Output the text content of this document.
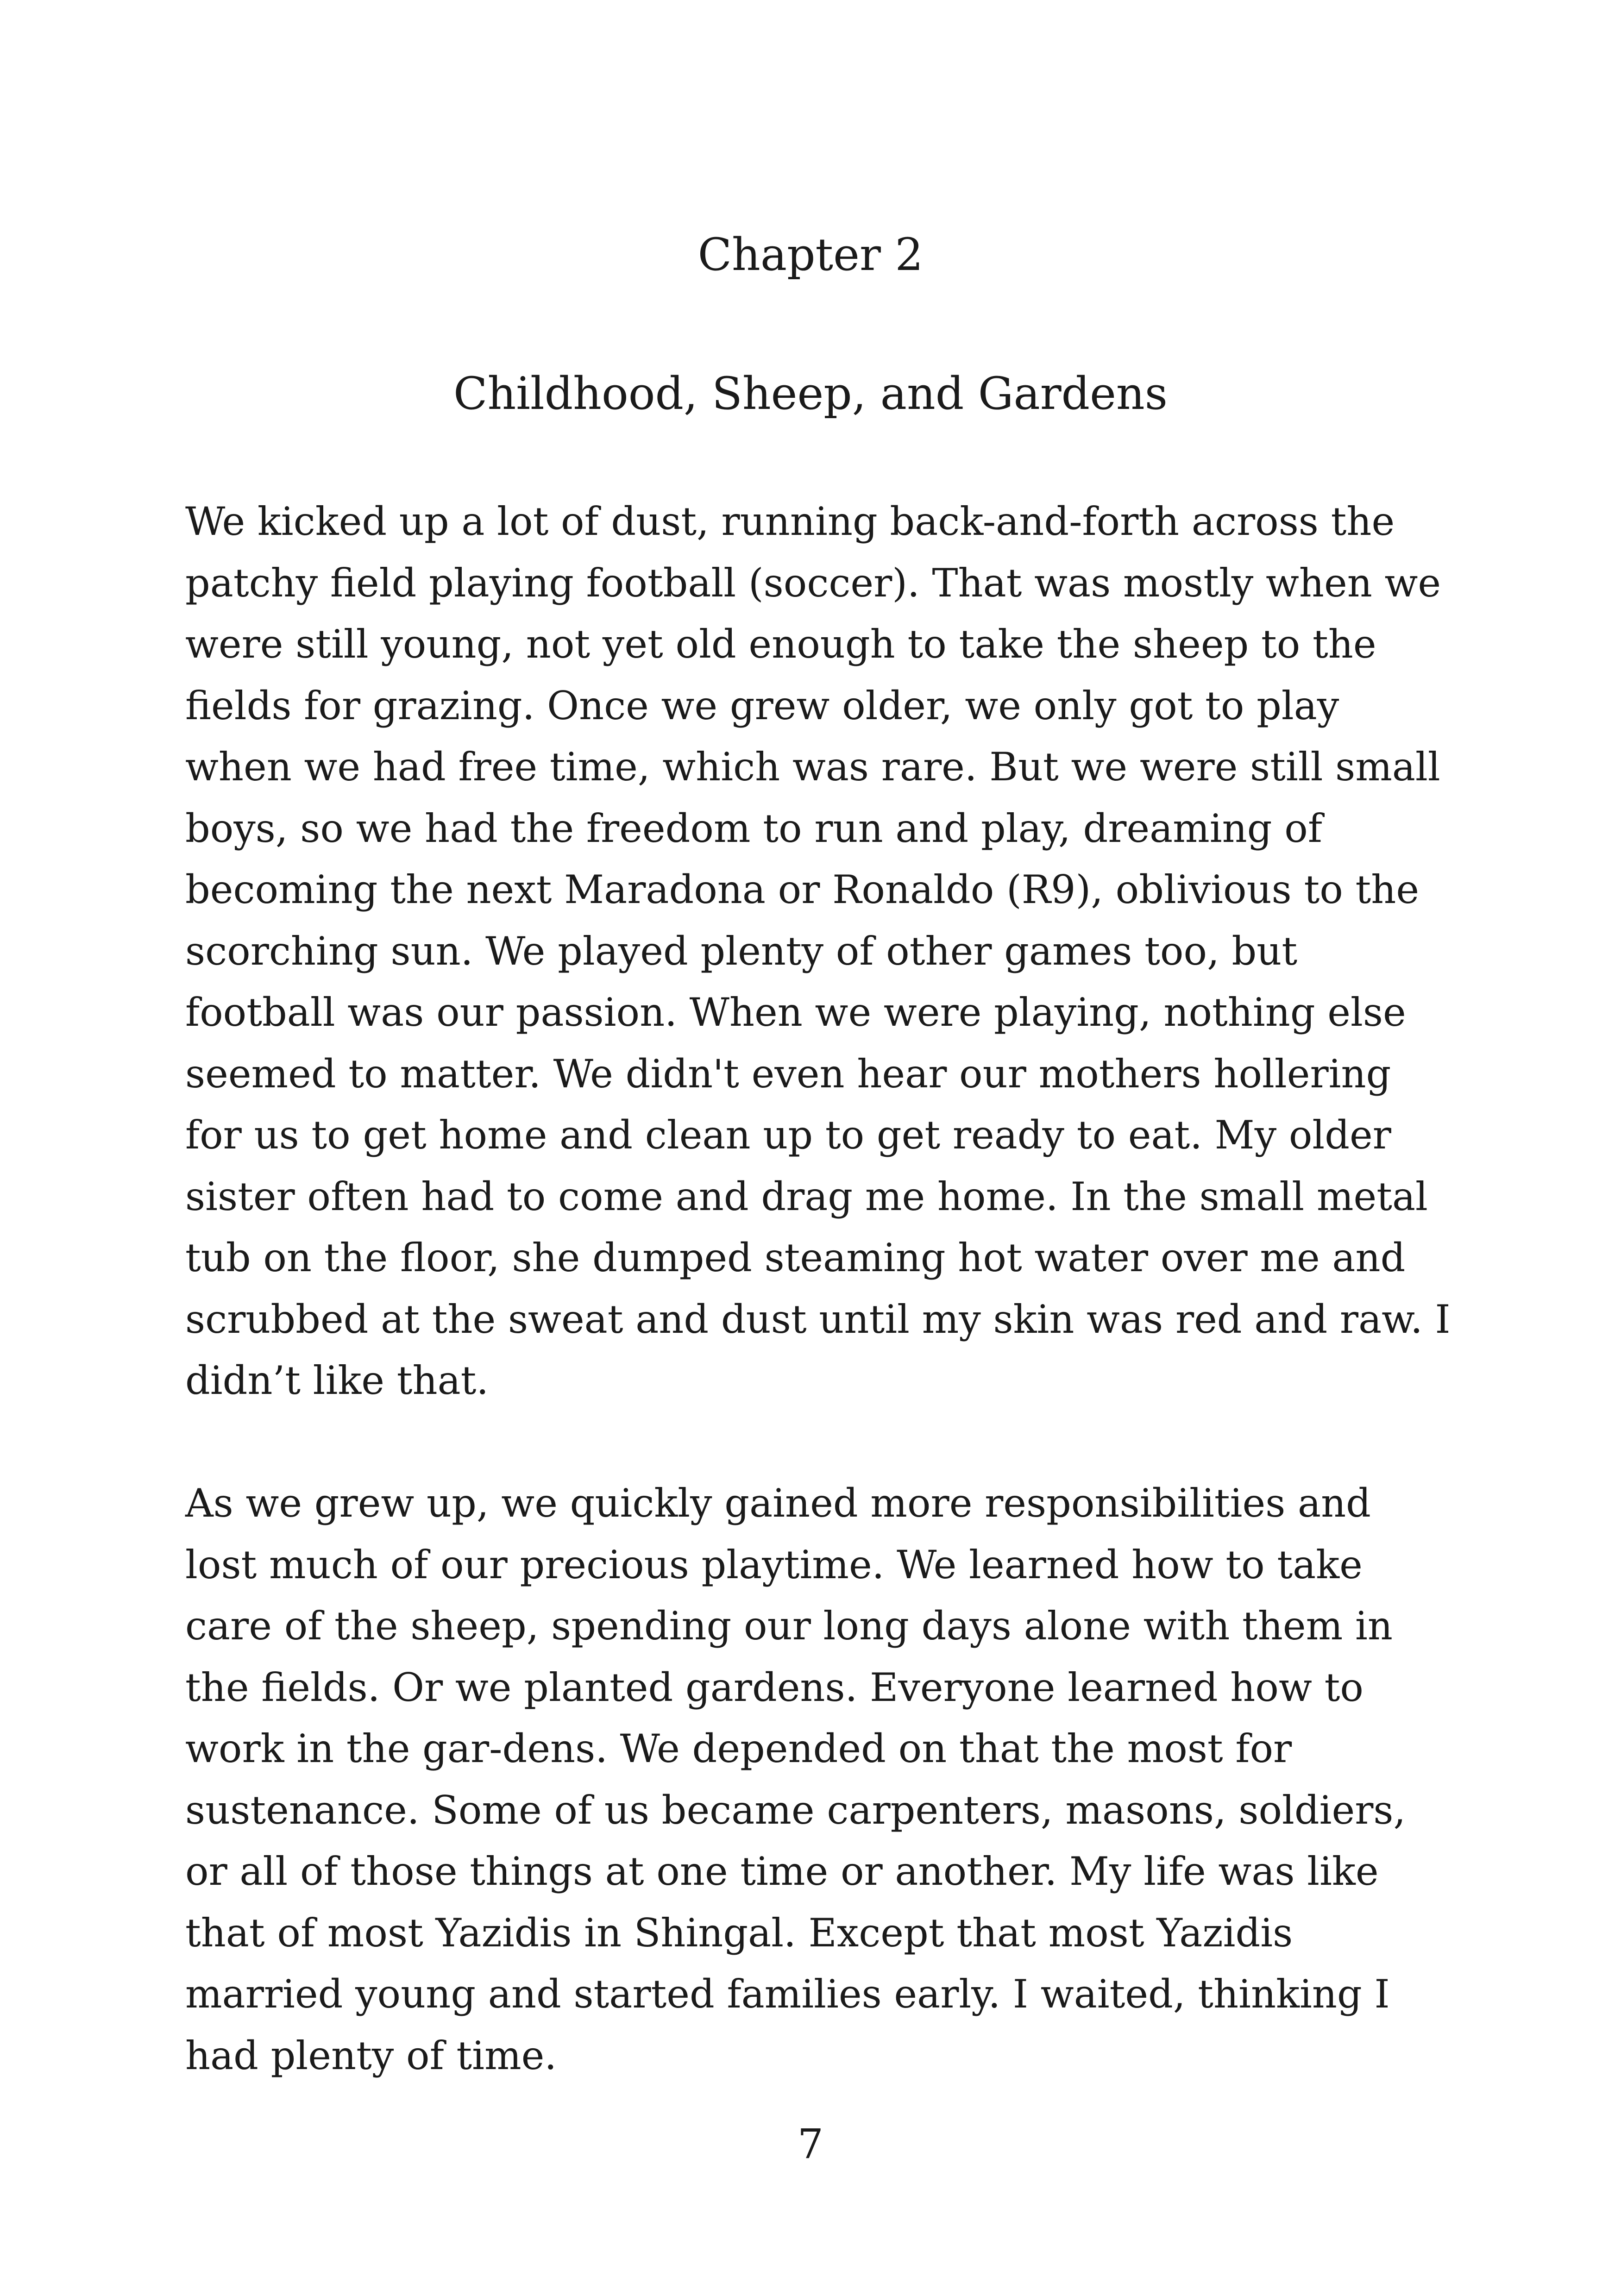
Chapter 2
Childhood, Sheep, and Gardens

We kicked up a lot of dust, running back-and-forth across the patchy field playing football (soccer). That was mostly when we were still young, not yet old enough to take the sheep to the fields for grazing. Once we grew older, we only got to play when we had free time, which was rare. But we were still small boys, so we had the freedom to run and play, dreaming of becoming the next Maradona or Ronaldo (R9), oblivious to the scorching sun. We played plenty of other games too, but football was our passion. When we were playing, nothing else seemed to matter. We didn't even hear our mothers hollering for us to get home and clean up to get ready to eat. My older sister often had to come and drag me home. In the small metal tub on the floor, she dumped steaming hot water over me and scrubbed at the sweat and dust until my skin was red and raw. I didn’t like that.

As we grew up, we quickly gained more responsibilities and lost much of our precious playtime. We learned how to take care of the sheep, spending our long days alone with them in the fields. Or we planted gardens. Everyone learned how to work in the gar-dens. We depended on that the most for sustenance. Some of us became carpenters, masons, soldiers, or all of those things at one time or another. My life was like that of most Yazidis in Shingal. Except that most Yazidis married young and started families early. I waited, thinking I had plenty of time.

7
